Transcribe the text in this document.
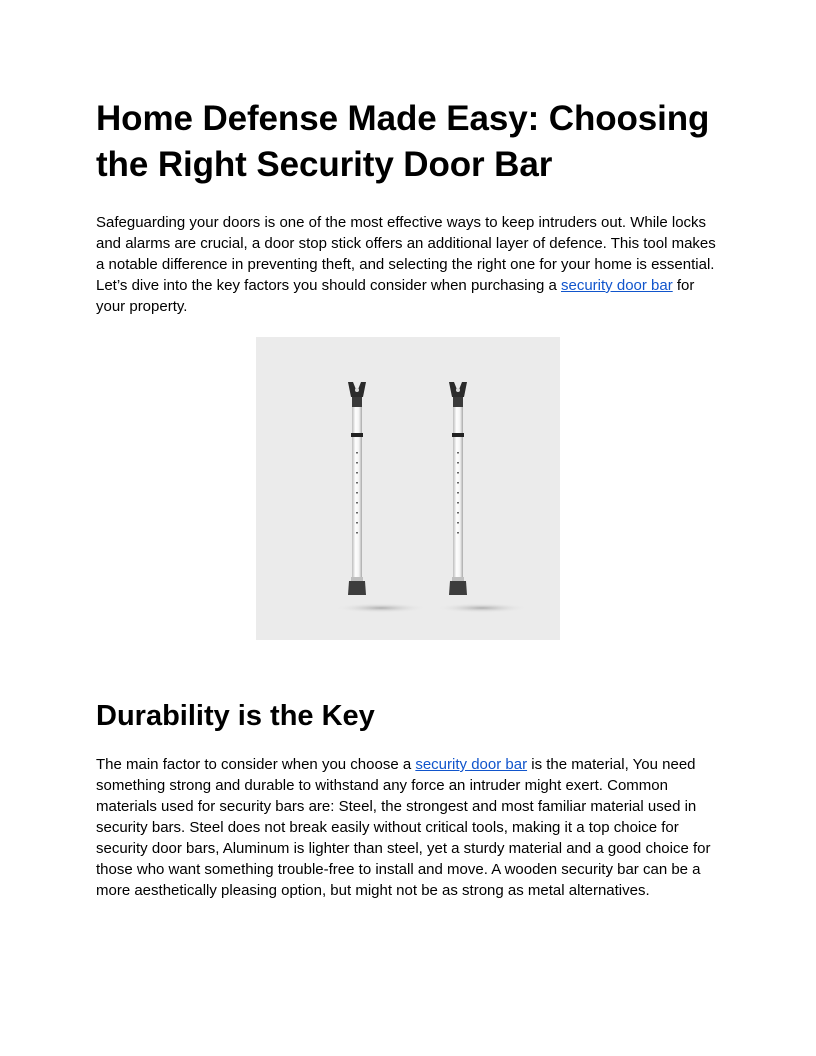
Home Defense Made Easy: Choosing the Right Security Door Bar

Safeguarding your doors is one of the most effective ways to keep intruders out. While locks and alarms are crucial, a door stop stick offers an additional layer of defence. This tool makes a notable difference in preventing theft, and selecting the right one for your home is essential. Let’s dive into the key factors you should consider when purchasing a security door bar for your property.

Durability is the Key

The main factor to consider when you choose a security door bar is the material, You need something strong and durable to withstand any force an intruder might exert. Common materials used for security bars are: Steel, the strongest and most familiar material used in security bars. Steel does not break easily without critical tools, making it a top choice for security door bars, Aluminum is lighter than steel, yet a sturdy material and a good choice for those who want something trouble-free to install and move. A wooden security bar can be a more aesthetically pleasing option, but might not be as strong as metal alternatives.
